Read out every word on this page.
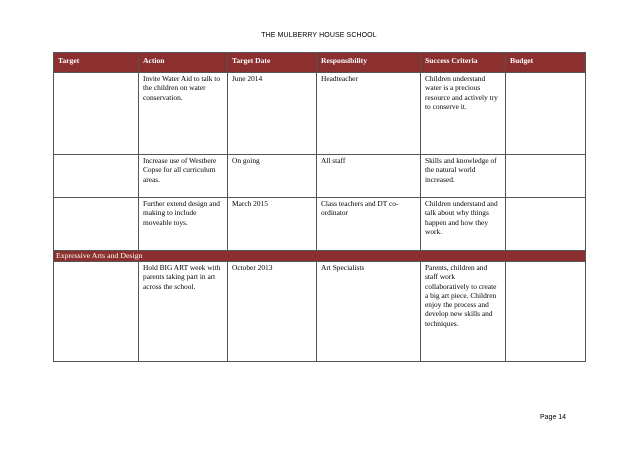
THE MULBERRY HOUSE SCHOOL
Target	Action	Target Date	Responsibility	Success Criteria	Budget
	Invite Water Aid to talk to the children on water conservation.	June 2014	Headteacher	Children understand water is a precious resource and actively try to conserve it.	
	Increase use of Westbere Copse for all curriculum areas.	On going	All staff	Skills and knowledge of the natural world increased.	
	Further extend design and making to include moveable toys.	March 2015	Class teachers and DT co-ordinator	Children understand and talk about why things happen and how they work.	
Expressive Arts and Design					
	Hold BIG ART week with parents taking part in art across the school.	October 2013	Art Specialists	Parents, children and staff work collaboratively to create a big art piece. Children enjoy the process and develop new skills and techniques.	
Page 14
